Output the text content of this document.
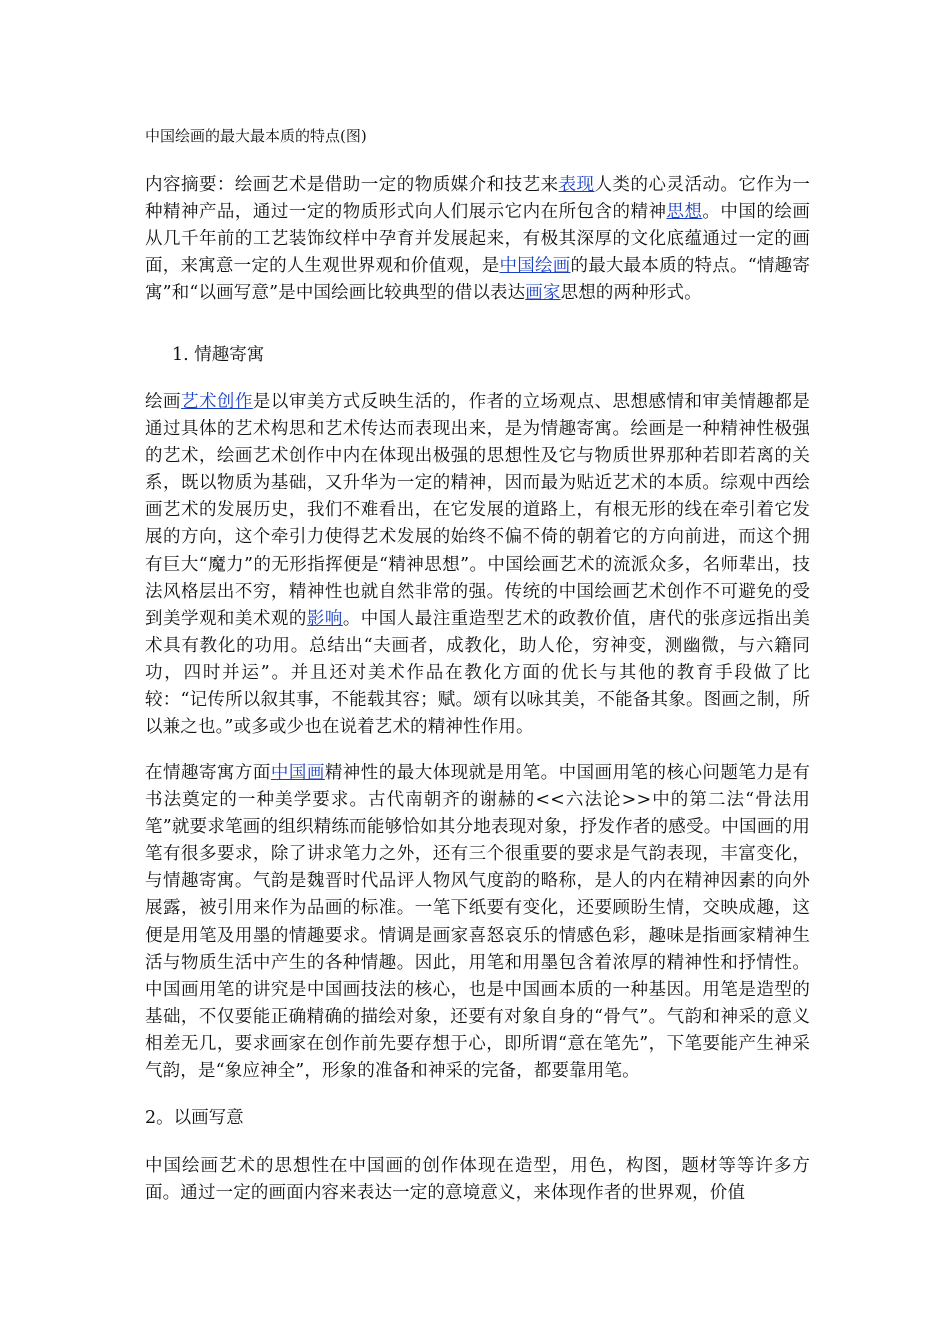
中国绘画的最大最本质的特点(图)
内容摘要：绘画艺术是借助一定的物质媒介和技艺来表现人类的心灵活动。它作为一种精神产品，通过一定的物质形式向人们展示它内在所包含的精神思想。中国的绘画从几千年前的工艺装饰纹样中孕育并发展起来，有极其深厚的文化底蕴通过一定的画面，来寓意一定的人生观世界观和价值观，是中国绘画的最大最本质的特点。“情趣寄寓”和“以画写意”是中国绘画比较典型的借以表达画家思想的两种形式。
1. 情趣寄寓
绘画艺术创作是以审美方式反映生活的，作者的立场观点、思想感情和审美情趣都是通过具体的艺术构思和艺术传达而表现出来，是为情趣寄寓。绘画是一种精神性极强的艺术，绘画艺术创作中内在体现出极强的思想性及它与物质世界那种若即若离的关系，既以物质为基础，又升华为一定的精神，因而最为贴近艺术的本质。综观中西绘画艺术的发展历史，我们不难看出，在它发展的道路上，有根无形的线在牵引着它发展的方向，这个牵引力使得艺术发展的始终不偏不倚的朝着它的方向前进，而这个拥有巨大“魔力”的无形指挥便是“精神思想”。中国绘画艺术的流派众多，名师辈出，技法风格层出不穷，精神性也就自然非常的强。传统的中国绘画艺术创作不可避免的受到美学观和美术观的影响。中国人最注重造型艺术的政教价值，唐代的张彦远指出美术具有教化的功用。总结出“夫画者，成教化，助人伦，穷神变，测幽微，与六籍同功，四时并运”。并且还对美术作品在教化方面的优长与其他的教育手段做了比较：“记传所以叙其事，不能载其容；赋。颂有以咏其美，不能备其象。图画之制，所以兼之也。”或多或少也在说着艺术的精神性作用。
在情趣寄寓方面中国画精神性的最大体现就是用笔。中国画用笔的核心问题笔力是有书法奠定的一种美学要求。古代南朝齐的谢赫的<<六法论>>中的第二法“骨法用笔”就要求笔画的组织精练而能够恰如其分地表现对象，抒发作者的感受。中国画的用笔有很多要求，除了讲求笔力之外，还有三个很重要的要求是气韵表现，丰富变化，与情趣寄寓。气韵是魏晋时代品评人物风气度韵的略称，是人的内在精神因素的向外展露，被引用来作为品画的标准。一笔下纸要有变化，还要顾盼生情，交映成趣，这便是用笔及用墨的情趣要求。情调是画家喜怒哀乐的情感色彩，趣味是指画家精神生活与物质生活中产生的各种情趣。因此，用笔和用墨包含着浓厚的精神性和抒情性。中国画用笔的讲究是中国画技法的核心，也是中国画本质的一种基因。用笔是造型的基础，不仅要能正确精确的描绘对象，还要有对象自身的“骨气”。气韵和神采的意义相差无几，要求画家在创作前先要存想于心，即所谓“意在笔先”，下笔要能产生神采气韵，是“象应神全”，形象的准备和神采的完备，都要靠用笔。
2。以画写意
中国绘画艺术的思想性在中国画的创作体现在造型，用色，构图，题材等等许多方面。通过一定的画面内容来表达一定的意境意义，来体现作者的世界观，价值
